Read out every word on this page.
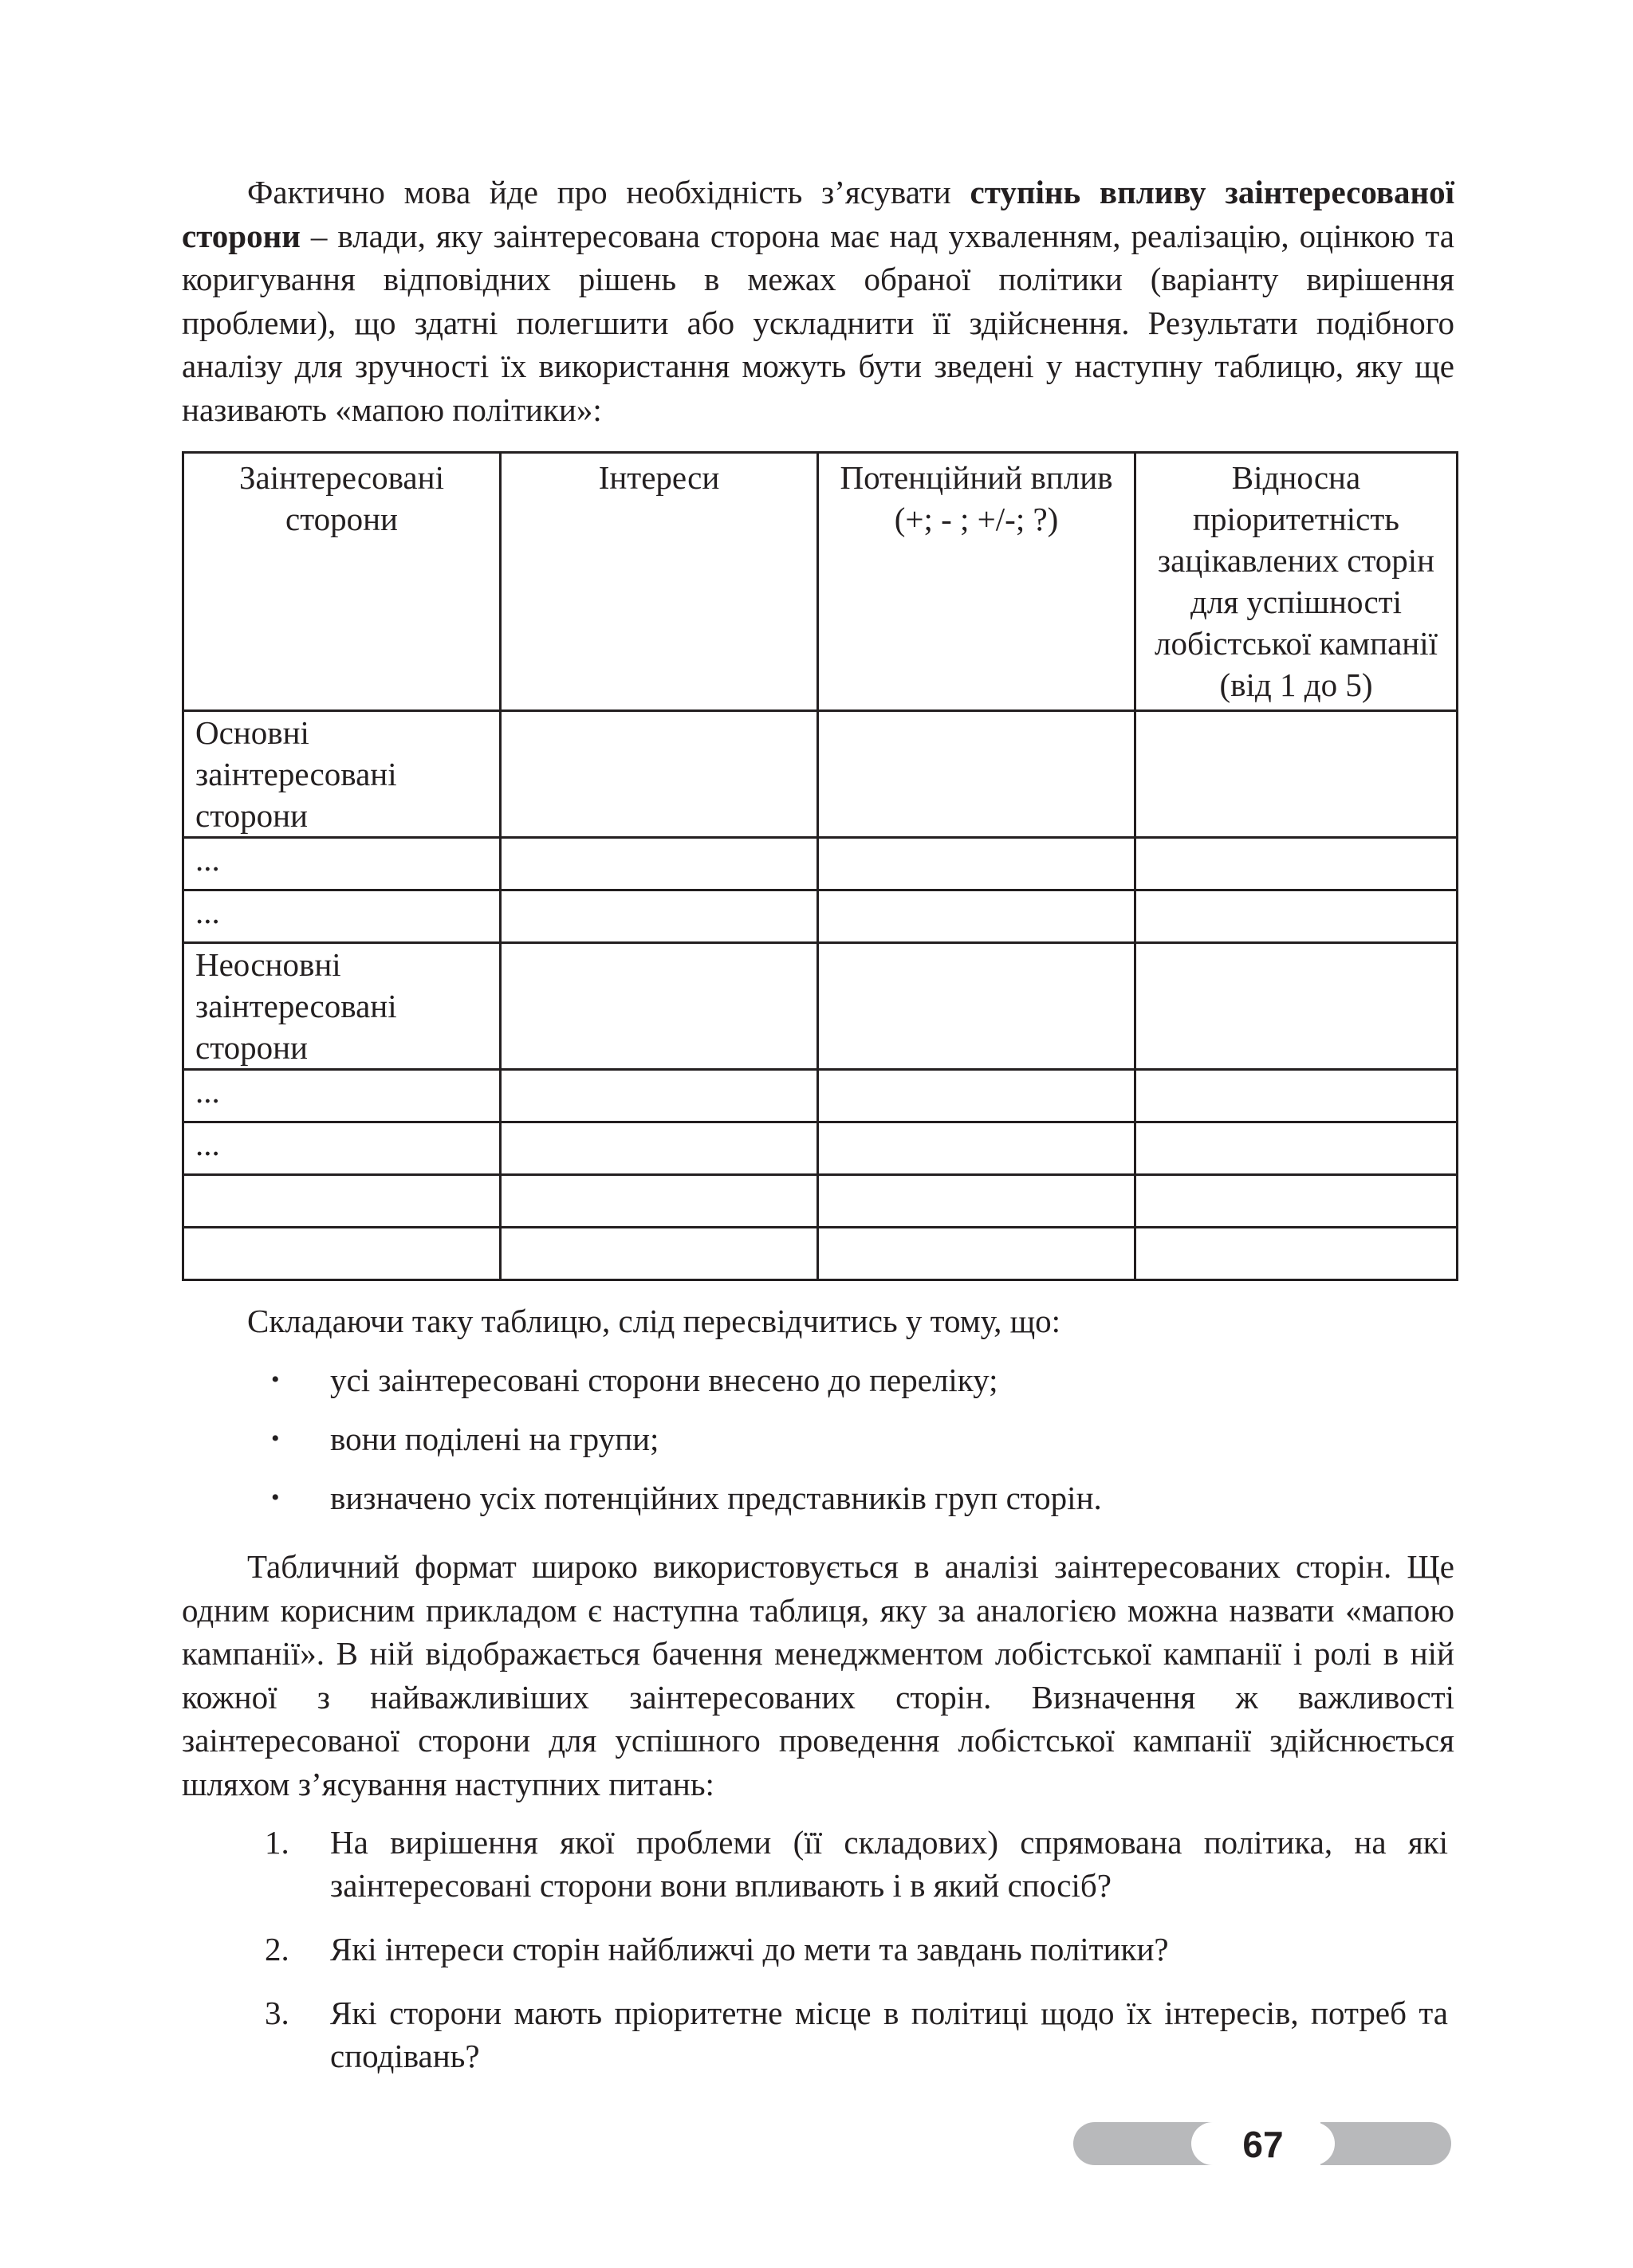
Фактично мова йде про необхідність з’ясувати ступінь впливу заінтересованої сторони – влади, яку заінтересована сторона має над ухваленням, реалізацію, оцінкою та коригування відповідних рішень в межах обраної політики (варіанту вирішення проблеми), що здатні полегшити або ускладнити її здійснення. Результати подібного аналізу для зручності їх використання можуть бути зведені у наступну таблицю, яку ще називають «мапою політики»:

Заінтересовані сторони	Інтереси	Потенційний вплив (+; - ; +/-; ?)	Відносна пріоритетність зацікавлених сторін для успішності лобістської кампанії (від 1 до 5)
Основні заінтересовані сторони			
...			
...			
Неосновні заінтересовані сторони			
...			
...			

Складаючи таку таблицю, слід пересвідчитись у тому, що:

• усі заінтересовані сторони внесено до переліку;
• вони поділені на групи;
• визначено усіх потенційних представників груп сторін.

Табличний формат широко використовується в аналізі заінтересованих сторін. Ще одним корисним прикладом є наступна таблиця, яку за аналогією можна назвати «мапою кампанії». В ній відображається бачення менеджментом лобістської кампанії і ролі в ній кожної з найважливіших заінтересованих сторін. Визначення ж важливості заінтересованої сторони для успішного проведення лобістської кампанії здійснюється шляхом з’ясування наступних питань:

1. На вирішення якої проблеми (її складових) спрямована політика, на які заінтересовані сторони вони впливають і в який спосіб?
2. Які інтереси сторін найближчі до мети та завдань політики?
3. Які сторони мають пріоритетне місце в політиці щодо їх інтересів, потреб та сподівань?
67
